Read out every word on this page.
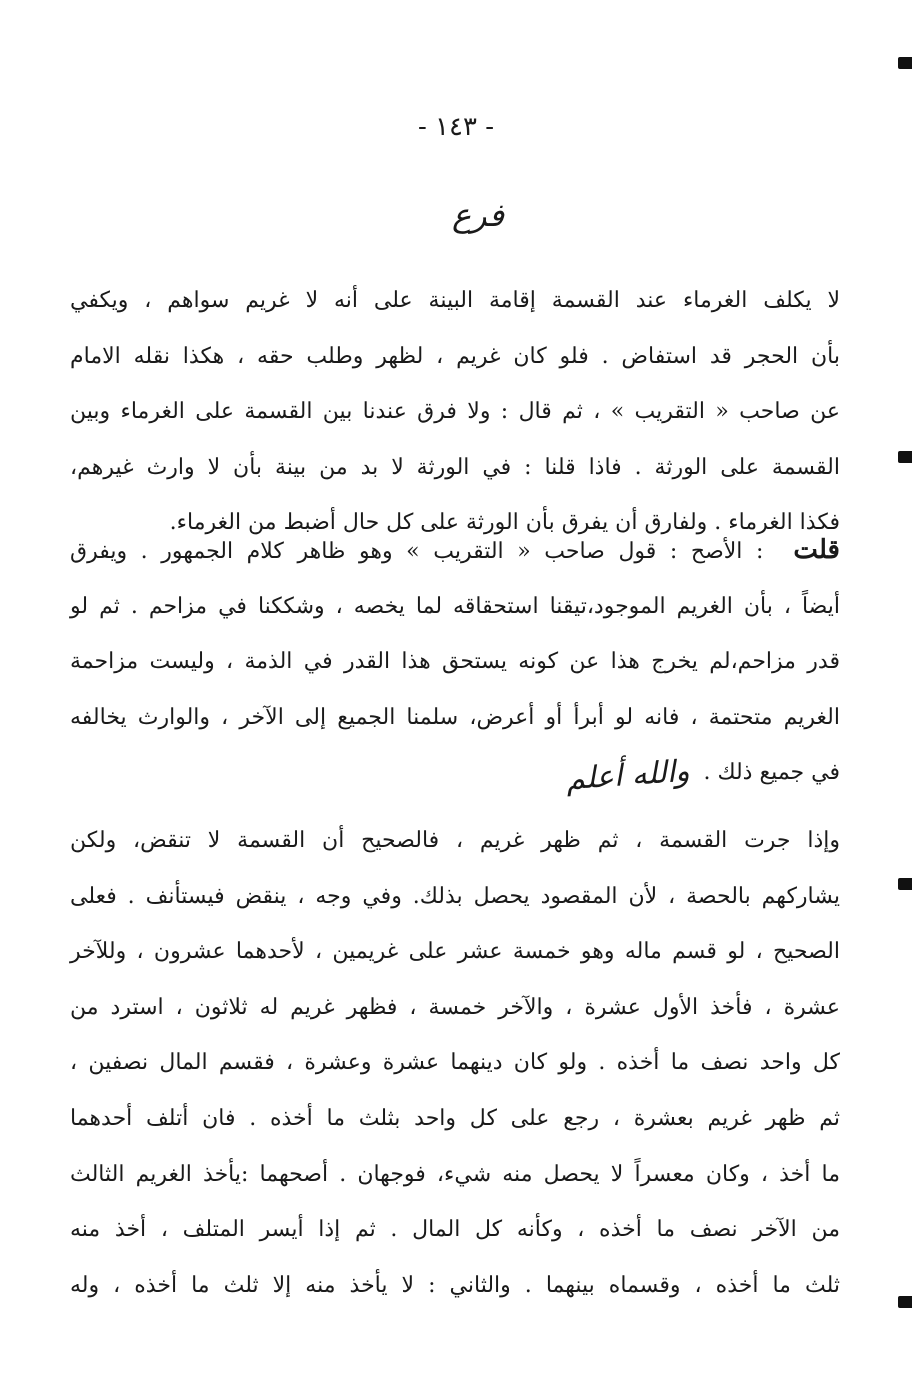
- ١٤٣ -
فرع
لا يكلف الغرماء عند القسمة إقامة البينة على أنه لا غريم سواهم ، ويكفي
بأن الحجر قد استفاض . فلو كان غريم ، لظهر وطلب حقه ، هكذا نقله الامام
عن صاحب « التقريب » ، ثم قال : ولا فرق عندنا بين القسمة على الغرماء وبين
القسمة على الورثة . فاذا قلنا : في الورثة لا بد من بينة بأن لا وارث غيرهم،
فكذا الغرماء . ولفارق أن يفرق بأن الورثة على كل حال أضبط من الغرماء.
قلت: الأصح : قول صاحب « التقريب » وهو ظاهر كلام الجمهور . ويفرق
أيضاً ، بأن الغريم الموجود،تيقنا استحقاقه لما يخصه ، وشككنا في مزاحم . ثم لو
قدر مزاحم،لم يخرج هذا عن كونه يستحق هذا القدر في الذمة ، وليست مزاحمة
الغريم متحتمة ، فانه لو أبرأ أو أعرض، سلمنا الجميع إلى الآخر ، والوارث يخالفه
في جميع ذلك .والله أعلم
وإذا جرت القسمة ، ثم ظهر غريم ، فالصحيح أن القسمة لا تنقض، ولكن
يشاركهم بالحصة ، لأن المقصود يحصل بذلك. وفي وجه ، ينقض فيستأنف . فعلى
الصحيح ، لو قسم ماله وهو خمسة عشر على غريمين ، لأحدهما عشرون ، وللآخر
عشرة ، فأخذ الأول عشرة ، والآخر خمسة ، فظهر غريم له ثلاثون ، استرد من
كل واحد نصف ما أخذه . ولو كان دينهما عشرة وعشرة ، فقسم المال نصفين ،
ثم ظهر غريم بعشرة ، رجع على كل واحد بثلث ما أخذه . فان أتلف أحدهما
ما أخذ ، وكان معسراً لا يحصل منه شيء، فوجهان . أصحهما :يأخذ الغريم الثالث
من الآخر نصف ما أخذه ، وكأنه كل المال . ثم إذا أيسر المتلف ، أخذ منه
ثلث ما أخذه ، وقسماه بينهما . والثاني : لا يأخذ منه إلا ثلث ما أخذه ، وله
